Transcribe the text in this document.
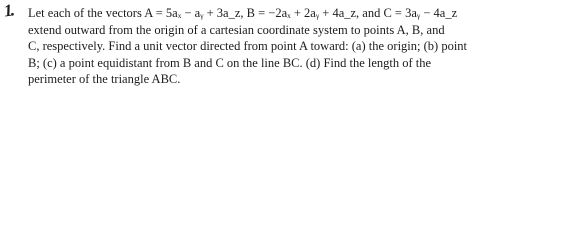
1. Let each of the vectors A = 5aₓ − aᵧ + 3a_z, B = −2aₓ + 2aᵧ + 4a_z, and C = 3aᵧ − 4a_z
extend outward from the origin of a cartesian coordinate system to points A, B, and
C, respectively. Find a unit vector directed from point A toward: (a) the origin; (b) point
B; (c) a point equidistant from B and C on the line BC. (d) Find the length of the
perimeter of the triangle ABC.
